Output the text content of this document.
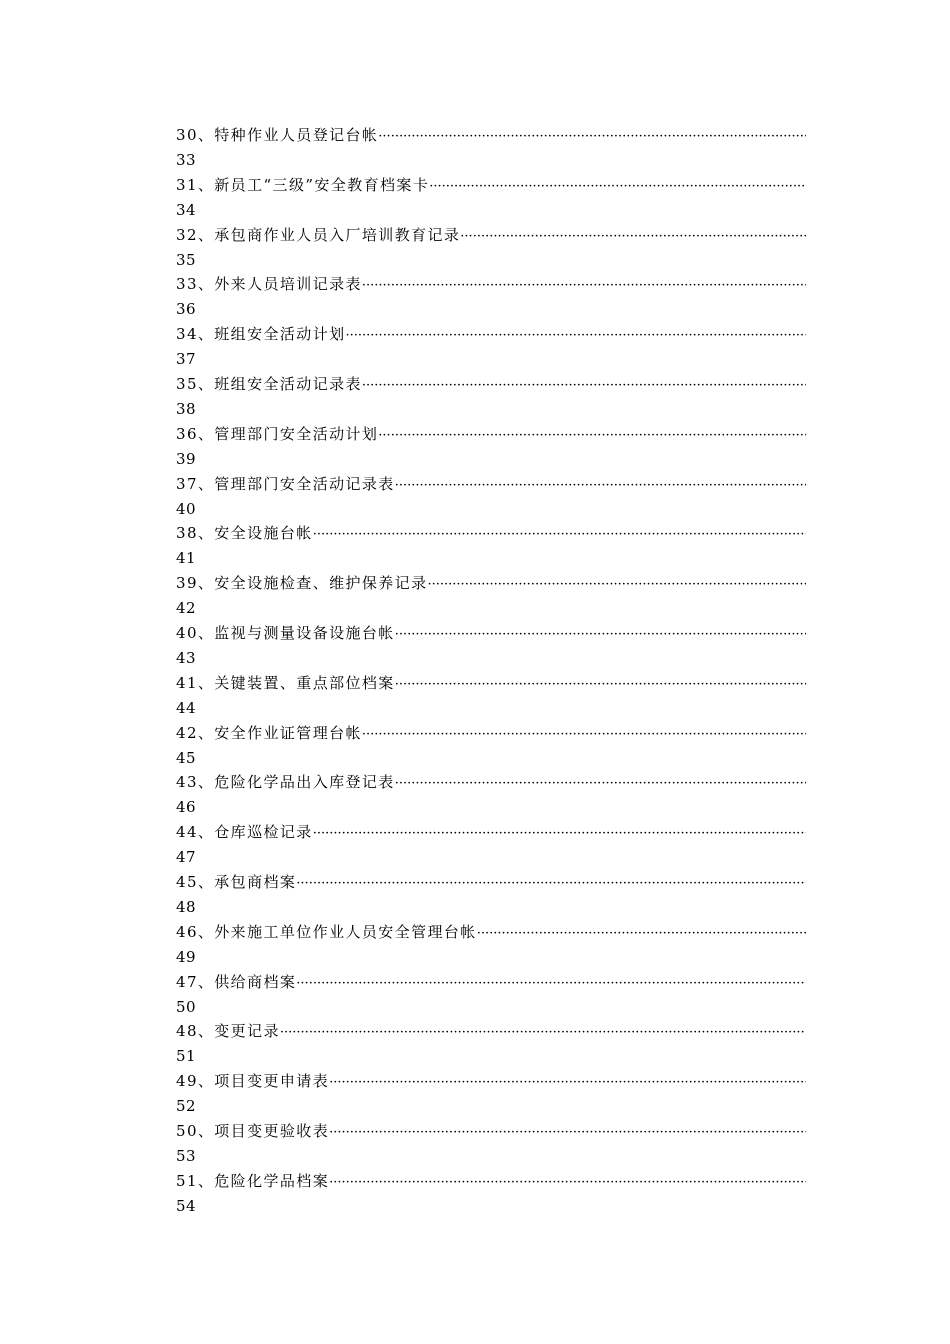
30、特种作业人员登记台帐
·····
33
31、新员工“三级”安全教育档案卡
·····
34
32、承包商作业人员入厂培训教育记录
·····
35
33、外来人员培训记录表
·····
36
34、班组安全活动计划
·····
37
35、班组安全活动记录表
·····
38
36、管理部门安全活动计划
·····
39
37、管理部门安全活动记录表
·····
40
38、安全设施台帐
·····
41
39、安全设施检查、维护保养记录
·····
42
40、监视与测量设备设施台帐
·····
43
41、关键装置、重点部位档案
·····
44
42、安全作业证管理台帐
·····
45
43、危险化学品出入库登记表
·····
46
44、仓库巡检记录
·····
47
45、承包商档案
·····
48
46、外来施工单位作业人员安全管理台帐
·····
49
47、供给商档案
·····
50
48、变更记录
·····
51
49、项目变更申请表
·····
52
50、项目变更验收表
·····
53
51、危险化学品档案
·····
54
